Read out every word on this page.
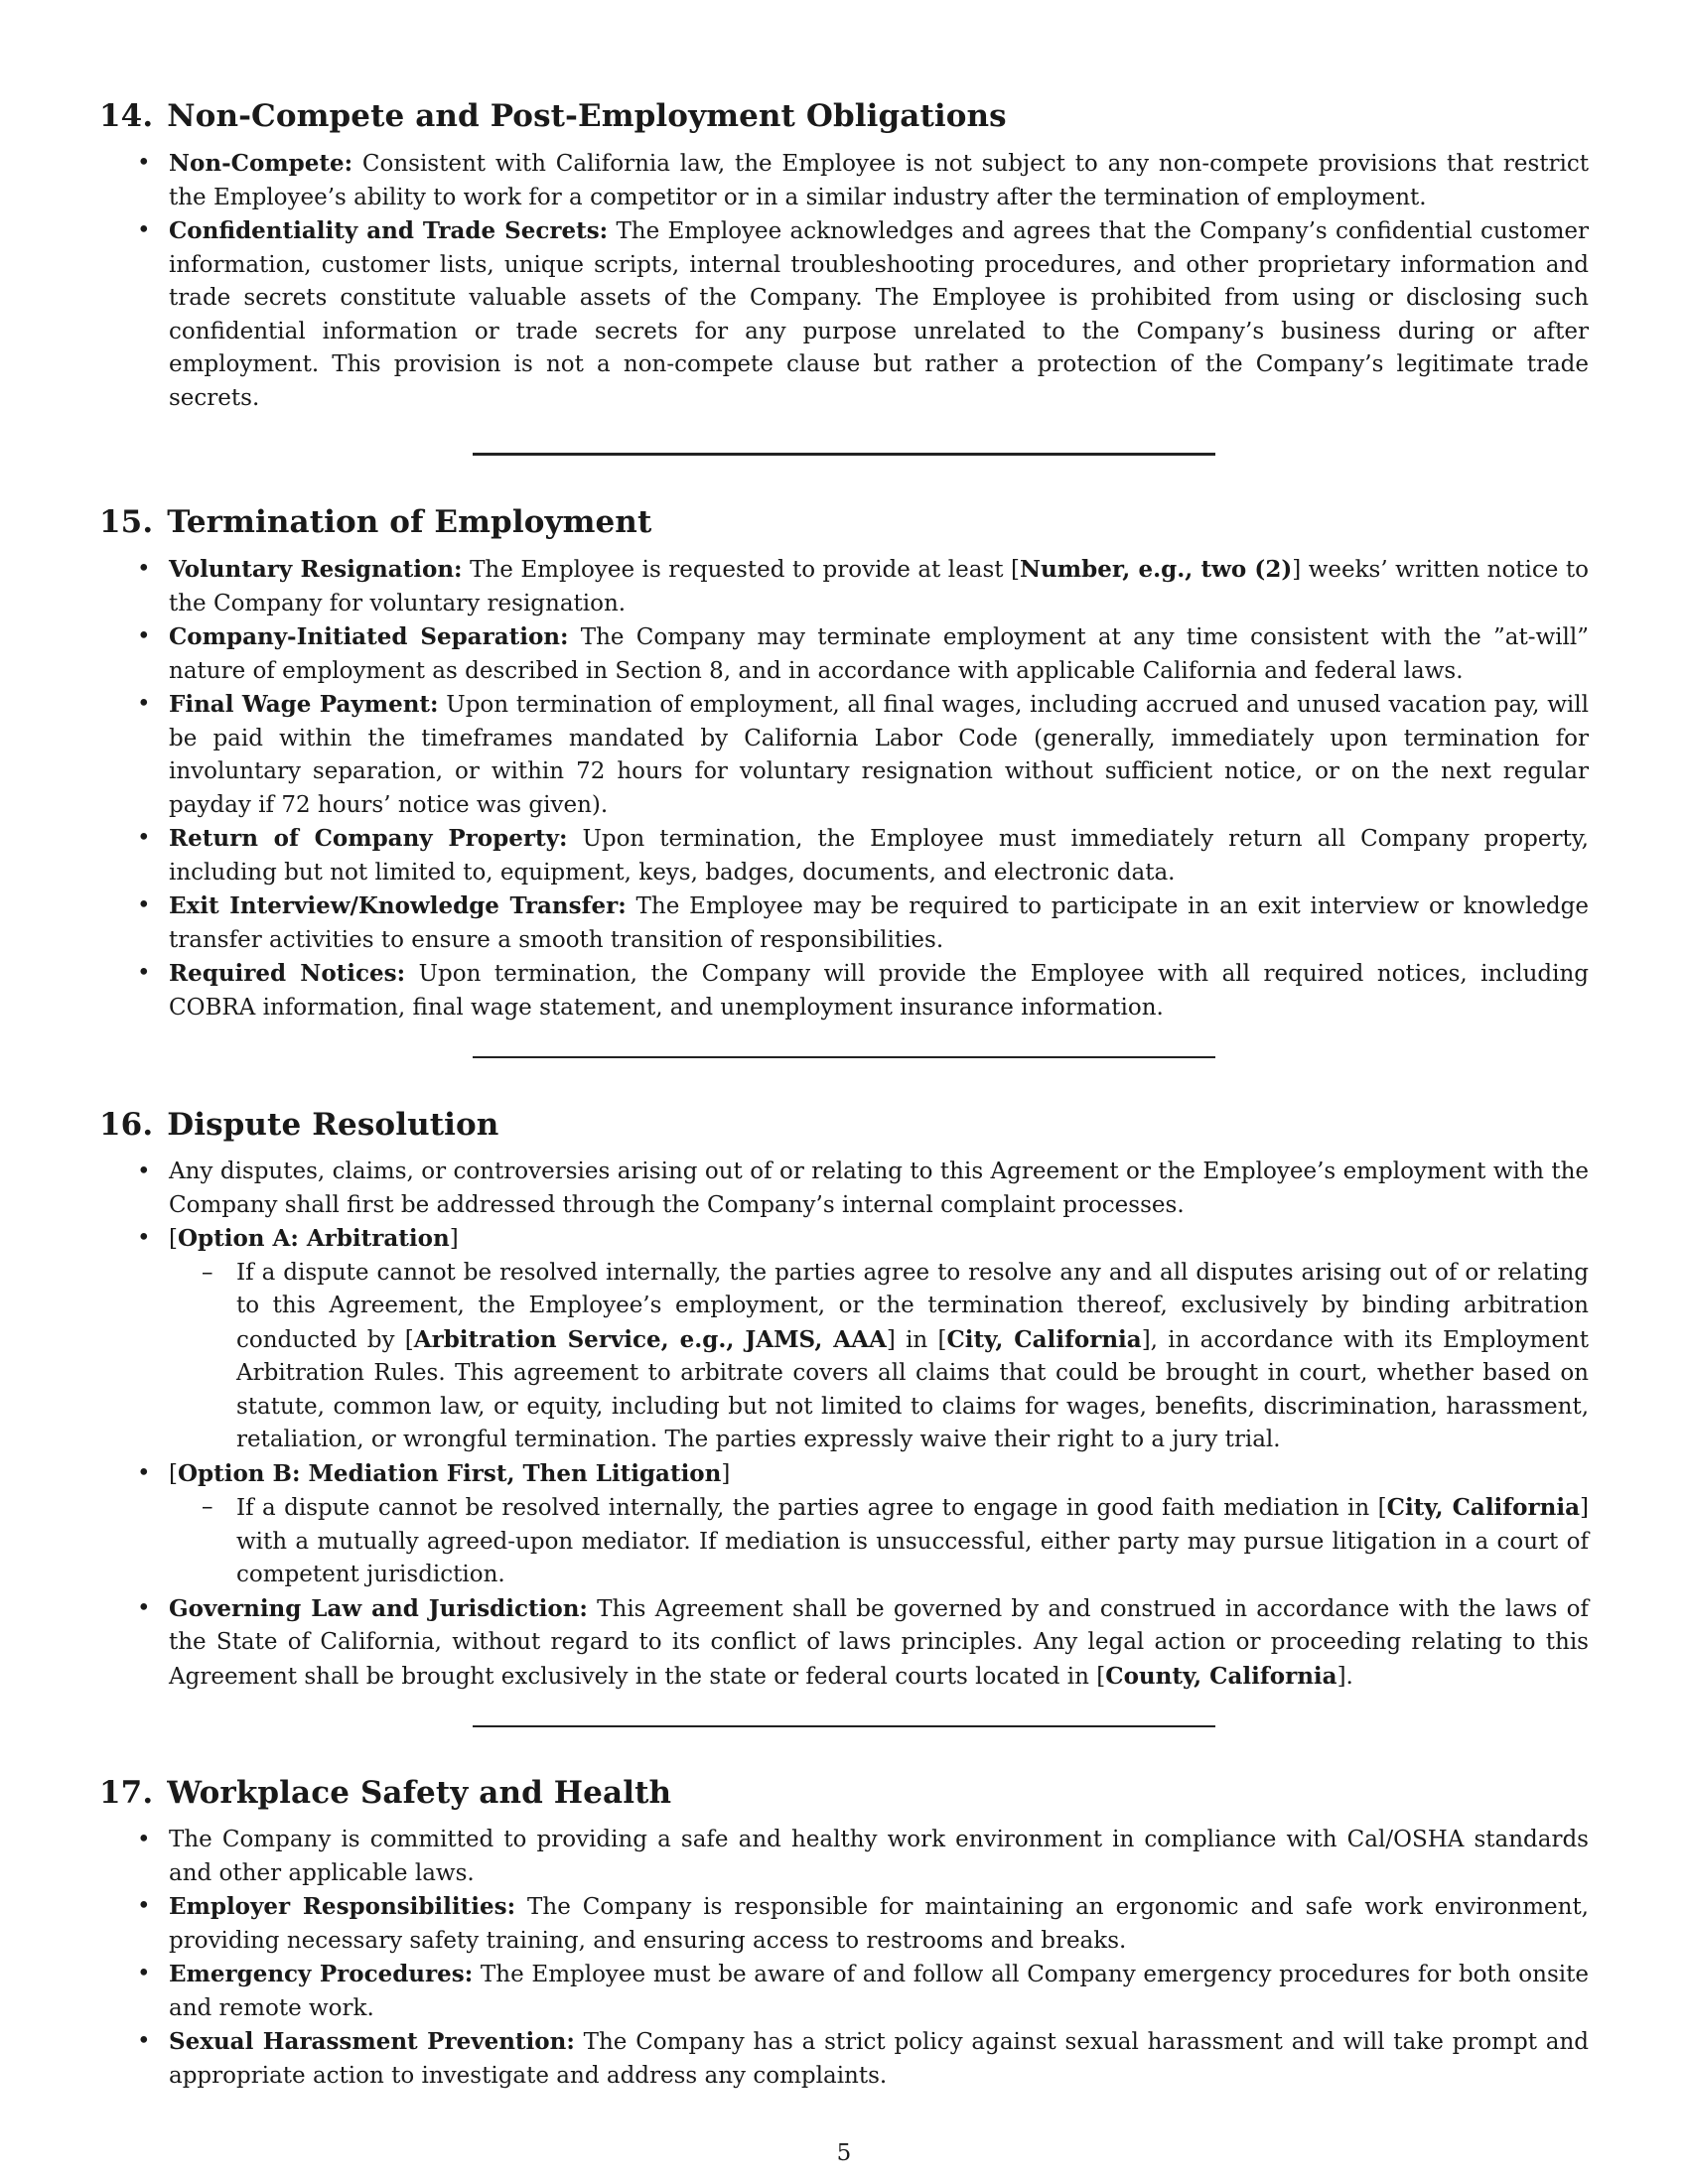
14. Non-Compete and Post-Employment Obligations
• Non-Compete: Consistent with California law, the Employee is not subject to any non-compete provisions that restrict the Employee’s ability to work for a competitor or in a similar industry after the termination of employment.
• Confidentiality and Trade Secrets: The Employee acknowledges and agrees that the Company’s confidential customer information, customer lists, unique scripts, internal troubleshooting procedures, and other proprietary information and trade secrets constitute valuable assets of the Company. The Employee is prohibited from using or disclosing such confidential information or trade secrets for any purpose unrelated to the Company’s business during or after employment. This provision is not a non-compete clause but rather a protection of the Company’s legitimate trade secrets.
15. Termination of Employment
• Voluntary Resignation: The Employee is requested to provide at least [Number, e.g., two (2)] weeks’ written notice to the Company for voluntary resignation.
• Company-Initiated Separation: The Company may terminate employment at any time consistent with the ”at-will” nature of employment as described in Section 8, and in accordance with applicable California and federal laws.
• Final Wage Payment: Upon termination of employment, all final wages, including accrued and unused vacation pay, will be paid within the timeframes mandated by California Labor Code (generally, immediately upon termination for involuntary separation, or within 72 hours for voluntary resignation without sufficient notice, or on the next regular payday if 72 hours’ notice was given).
• Return of Company Property: Upon termination, the Employee must immediately return all Company property, including but not limited to, equipment, keys, badges, documents, and electronic data.
• Exit Interview/Knowledge Transfer: The Employee may be required to participate in an exit interview or knowledge transfer activities to ensure a smooth transition of responsibilities.
• Required Notices: Upon termination, the Company will provide the Employee with all required notices, including COBRA information, final wage statement, and unemployment insurance information.
16. Dispute Resolution
• Any disputes, claims, or controversies arising out of or relating to this Agreement or the Employee’s employment with the Company shall first be addressed through the Company’s internal complaint processes.
• [Option A: Arbitration]
– If a dispute cannot be resolved internally, the parties agree to resolve any and all disputes arising out of or relating to this Agreement, the Employee’s employment, or the termination thereof, exclusively by binding arbitration conducted by [Arbitration Service, e.g., JAMS, AAA] in [City, California], in accordance with its Employment Arbitration Rules. This agreement to arbitrate covers all claims that could be brought in court, whether based on statute, common law, or equity, including but not limited to claims for wages, benefits, discrimination, harassment, retaliation, or wrongful termination. The parties expressly waive their right to a jury trial.
• [Option B: Mediation First, Then Litigation]
– If a dispute cannot be resolved internally, the parties agree to engage in good faith mediation in [City, California] with a mutually agreed-upon mediator. If mediation is unsuccessful, either party may pursue litigation in a court of competent jurisdiction.
• Governing Law and Jurisdiction: This Agreement shall be governed by and construed in accordance with the laws of the State of California, without regard to its conflict of laws principles. Any legal action or proceeding relating to this Agreement shall be brought exclusively in the state or federal courts located in [County, California].
17. Workplace Safety and Health
• The Company is committed to providing a safe and healthy work environment in compliance with Cal/OSHA standards and other applicable laws.
• Employer Responsibilities: The Company is responsible for maintaining an ergonomic and safe work environment, providing necessary safety training, and ensuring access to restrooms and breaks.
• Emergency Procedures: The Employee must be aware of and follow all Company emergency procedures for both onsite and remote work.
• Sexual Harassment Prevention: The Company has a strict policy against sexual harassment and will take prompt and appropriate action to investigate and address any complaints.
5
